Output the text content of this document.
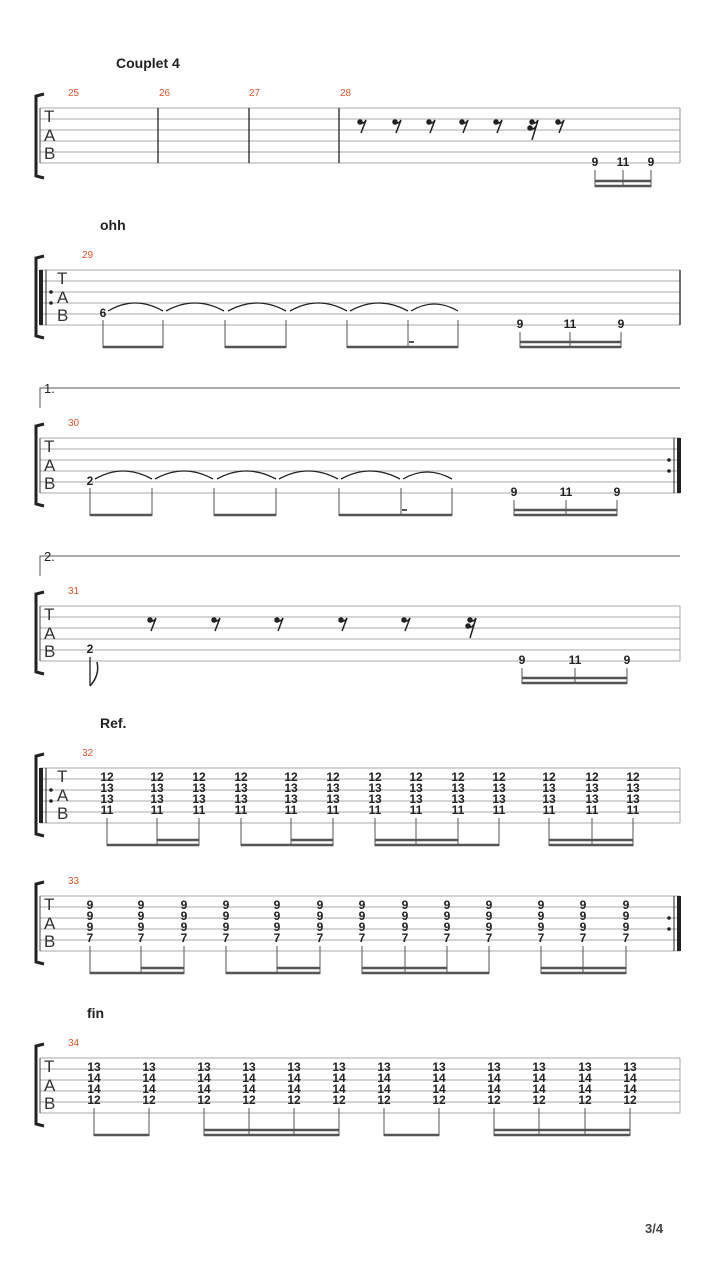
Couplet 4
T
A
B
25	26	27	28
9 11 9
ohh
T
A
B
29
6
9	11	9
1.
T
A
B
30
2
9	11	9
2.
T
A
B
31
2
9	11	9
Ref.
T
A
B
32
12
13
13
11
12
13
13
11
12
13
13
11
12
13
13
11
12
13
13
11
12
13
13
11
12
13
13
11
12
13
13
11
12
13
13
11
12
13
13
11
12
13
13
11
12
13
13
11
12
13
13
11
T
A
B
33
9
9
9
7
9
9
9
7
9
9
9
7
9
9
9
7
9
9
9
7
9
9
9
7
9
9
9
7
9
9
9
7
9
9
9
7
9
9
9
7
9
9
9
7
9
9
9
7
9
9
9
7
fin
T
A
B
34
13
14
14
12
13
14
14
12
13
14
14
12
13
14
14
12
13
14
14
12
13
14
14
12
13
14
14
12
13
14
14
12
13
14
14
12
13
14
14
12
13
14
14
12
13
14
14
12
3/4
